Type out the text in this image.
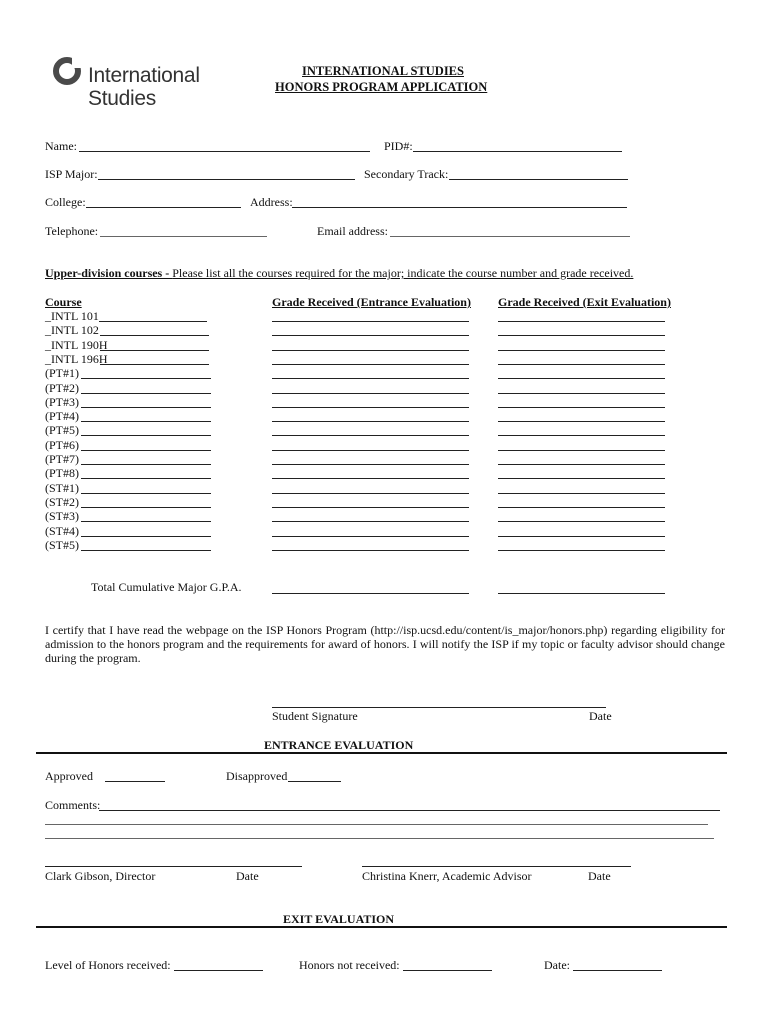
International
Studies
INTERNATIONAL STUDIES
HONORS PROGRAM APPLICATION
Name:	PID#:
ISP Major:	Secondary Track:
College:	Address:
Telephone:	Email address:
Upper-division courses - Please list all the courses required for the major; indicate the course number and grade received.
Course	Grade Received (Entrance Evaluation) Grade Received (Exit Evaluation)
_INTL 101
_INTL 102
_INTL 190H
_INTL 196H
(PT#1)
(PT#2)
(PT#3)
(PT#4)
(PT#5)
(PT#6)
(PT#7)
(PT#8)
(ST#1)
(ST#2)
(ST#3)
(ST#4)
(ST#5)
Total Cumulative Major G.P.A.
I certify that I have read the webpage on the ISP Honors Program (http://isp.ucsd.edu/content/is_major/honors.php) regarding eligibility for admission to the honors program and the requirements for award of honors. I will notify the ISP if my topic or faculty advisor should change during the program.
Student Signature	Date
ENTRANCE EVALUATION
Approved	Disapproved
Comments:
Clark Gibson, Director	Date	Christina Knerr, Academic Advisor	Date
EXIT EVALUATION
Level of Honors received:	Honors not received:	Date:
